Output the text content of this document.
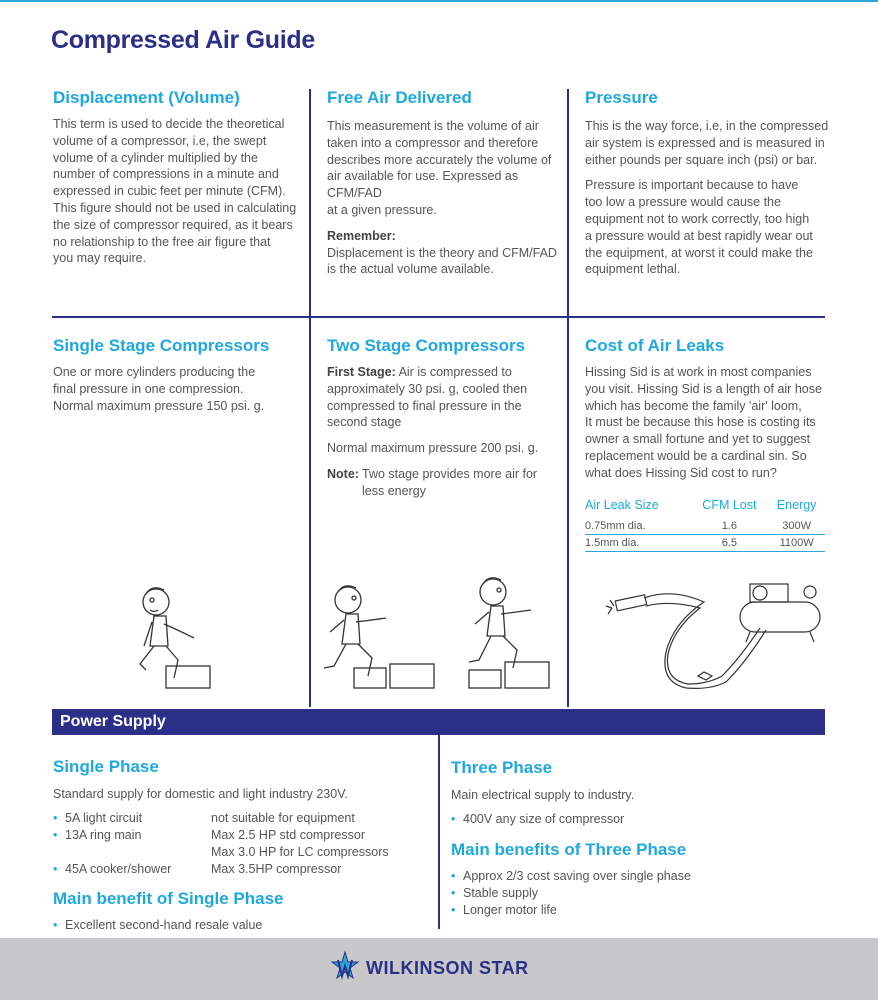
Compressed Air Guide
Displacement (Volume)
This term is used to decide the theoretical
volume of a compressor, i.e, the swept
volume of a cylinder multiplied by the
number of compressions in a minute and
expressed in cubic feet per minute (CFM).
This figure should not be used in calculating
the size of compressor required, as it bears
no relationship to the free air figure that
you may require.
Free Air Delivered
This measurement is the volume of air
taken into a compressor and therefore
describes more accurately the volume of
air available for use. Expressed as CFM/FAD
at a given pressure.
Remember:
Displacement is the theory and CFM/FAD
is the actual volume available.
Pressure
This is the way force, i.e, in the compressed
air system is expressed and is measured in
either pounds per square inch (psi) or bar.
Pressure is important because to have
too low a pressure would cause the
equipment not to work correctly, too high
a pressure would at best rapidly wear out
the equipment, at worst it could make the
equipment lethal.
Single Stage Compressors
One or more cylinders producing the
final pressure in one compression.
Normal maximum pressure 150 psi. g.
Two Stage Compressors
First Stage: Air is compressed to
approximately 30 psi. g, cooled then
compressed to final pressure in the
second stage
Normal maximum pressure 200 psi. g.
Note: Two stage provides more air for
less energy
Cost of Air Leaks
Hissing Sid is at work in most companies
you visit. Hissing Sid is a length of air hose
which has become the family 'air' loom,
It must be because this hose is costing its
owner a small fortune and yet to suggest
replacement would be a cardinal sin. So
what does Hissing Sid cost to run?
Air Leak Size	CFM Lost	Energy
0.75mm dia.	1.6	300W
1.5mm dia.	6.5	1100W
Power Supply
Single Phase
Standard supply for domestic and light industry 230V.
• 5A light circuit	not suitable for equipment
• 13A ring main	Max 2.5 HP std compressor
Max 3.0 HP for LC compressors
• 45A cooker/shower	Max 3.5HP compressor
Main benefit of Single Phase
• Excellent second-hand resale value
Three Phase
Main electrical supply to industry.
• 400V any size of compressor
Main benefits of Three Phase
• Approx 2/3 cost saving over single phase
• Stable supply
• Longer motor life
WILKINSON STAR
